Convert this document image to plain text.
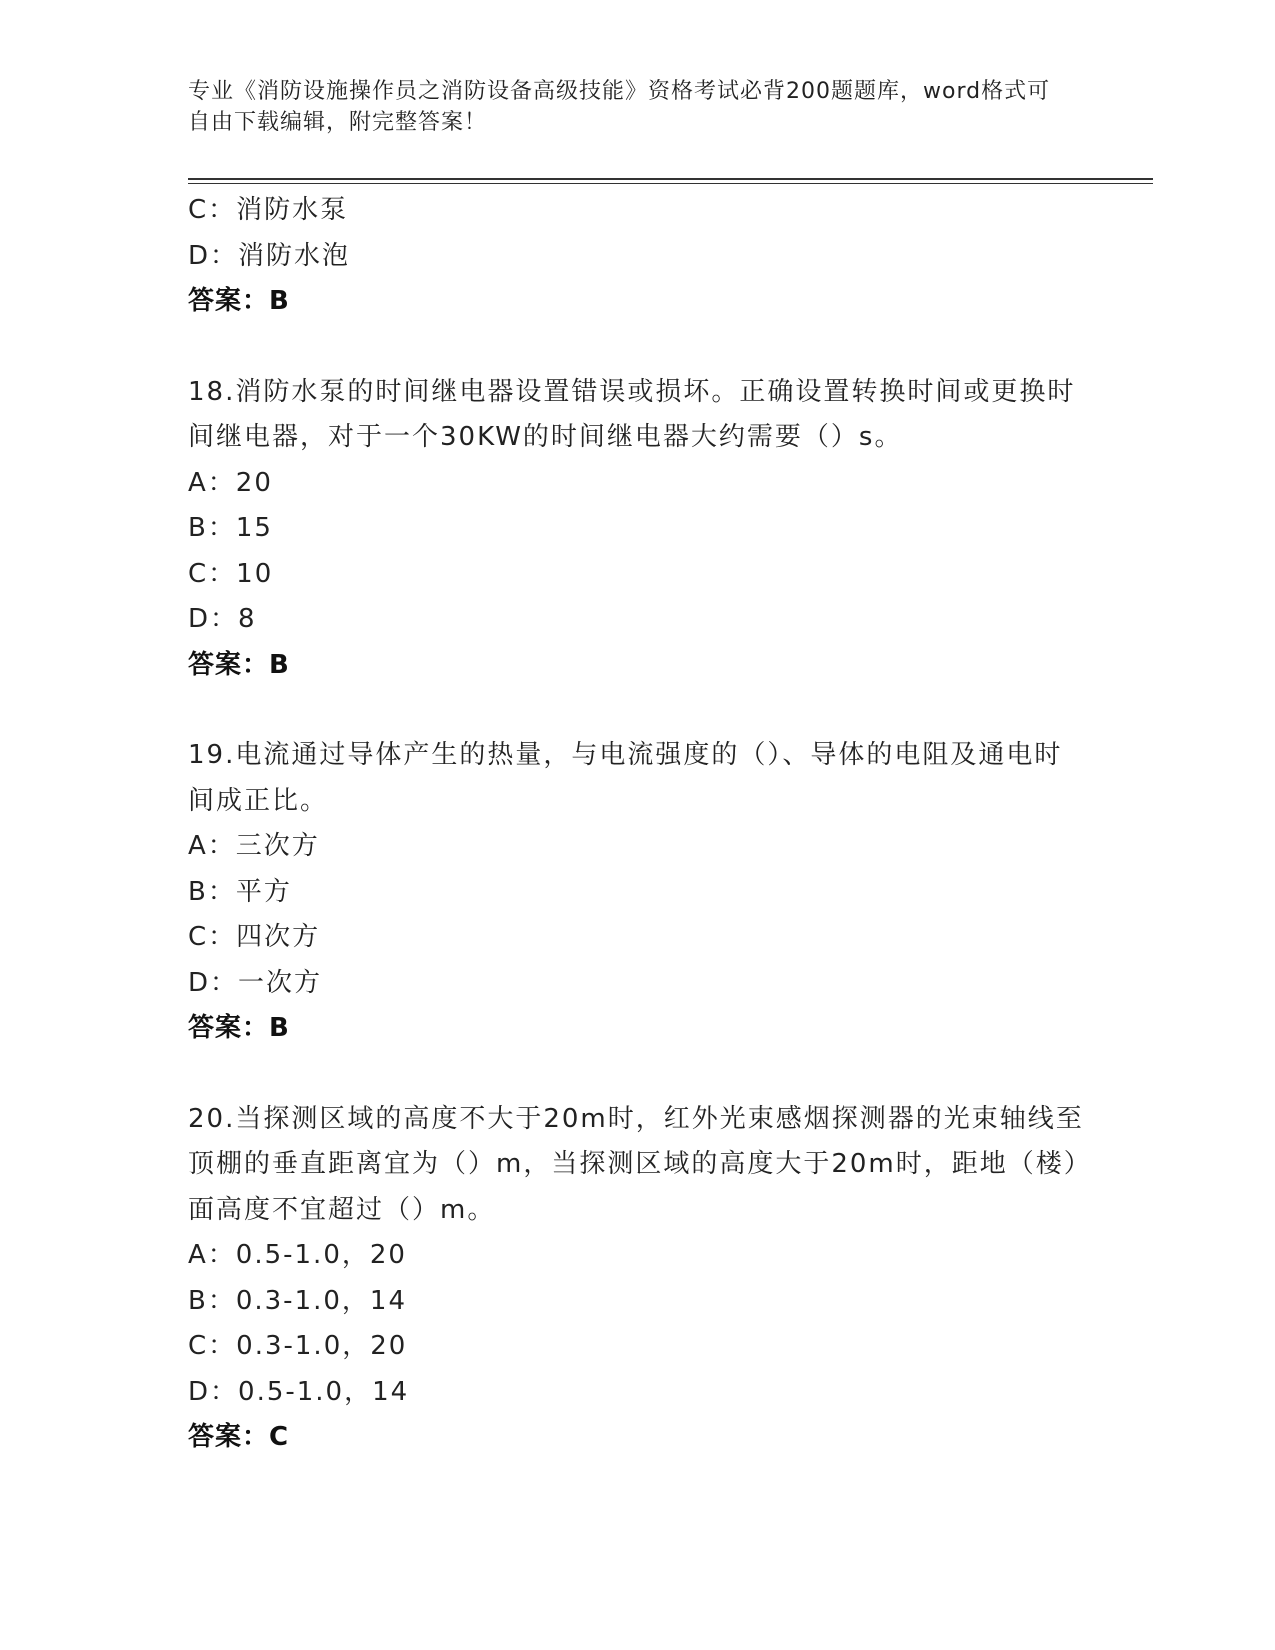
专业《消防设施操作员之消防设备高级技能》资格考试必背200题题库，word格式可自由下载编辑，附完整答案！
C：消防水泵
D：消防水泡
答案：B
18.消防水泵的时间继电器设置错误或损坏。正确设置转换时间或更换时间继电器，对于一个30KW的时间继电器大约需要（）s。
A：20
B：15
C：10
D：8
答案：B
19.电流通过导体产生的热量，与电流强度的（）、导体的电阻及通电时间成正比。
A：三次方
B：平方
C：四次方
D：一次方
答案：B
20.当探测区域的高度不大于20m时，红外光束感烟探测器的光束轴线至顶棚的垂直距离宜为（）m，当探测区域的高度大于20m时，距地（楼）面高度不宜超过（）m。
A：0.5-1.0，20
B：0.3-1.0，14
C：0.3-1.0，20
D：0.5-1.0，14
答案：C
